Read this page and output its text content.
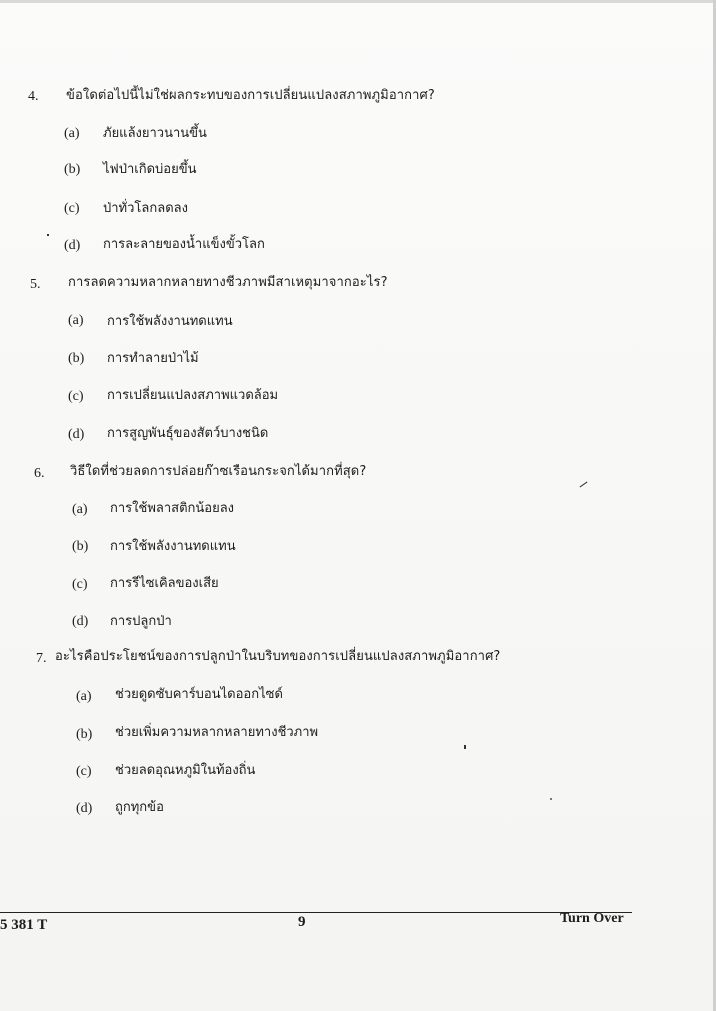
4. ข้อใดต่อไปนี้ไม่ใช่ผลกระทบของการเปลี่ยนแปลงสภาพภูมิอากาศ?
(a) ภัยแล้งยาวนานขึ้น
(b) ไฟป่าเกิดบ่อยขึ้น
(c) ป่าทั่วโลกลดลง
(d) การละลายของน้ำแข็งขั้วโลก
5. การลดความหลากหลายทางชีวภาพมีสาเหตุมาจากอะไร?
(a) การใช้พลังงานทดแทน
(b) การทำลายป่าไม้
(c) การเปลี่ยนแปลงสภาพแวดล้อม
(d) การสูญพันธุ์ของสัตว์บางชนิด
6. วิธีใดที่ช่วยลดการปล่อยก๊าซเรือนกระจกได้มากที่สุด?
(a) การใช้พลาสติกน้อยลง
(b) การใช้พลังงานทดแทน
(c) การรีไซเคิลของเสีย
(d) การปลูกป่า
7. อะไรคือประโยชน์ของการปลูกป่าในบริบทของการเปลี่ยนแปลงสภาพภูมิอากาศ?
(a) ช่วยดูดซับคาร์บอนไดออกไซด์
(b) ช่วยเพิ่มความหลากหลายทางชีวภาพ
(c) ช่วยลดอุณหภูมิในท้องถิ่น
(d) ถูกทุกข้อ
5 381 T	9	Turn Over
